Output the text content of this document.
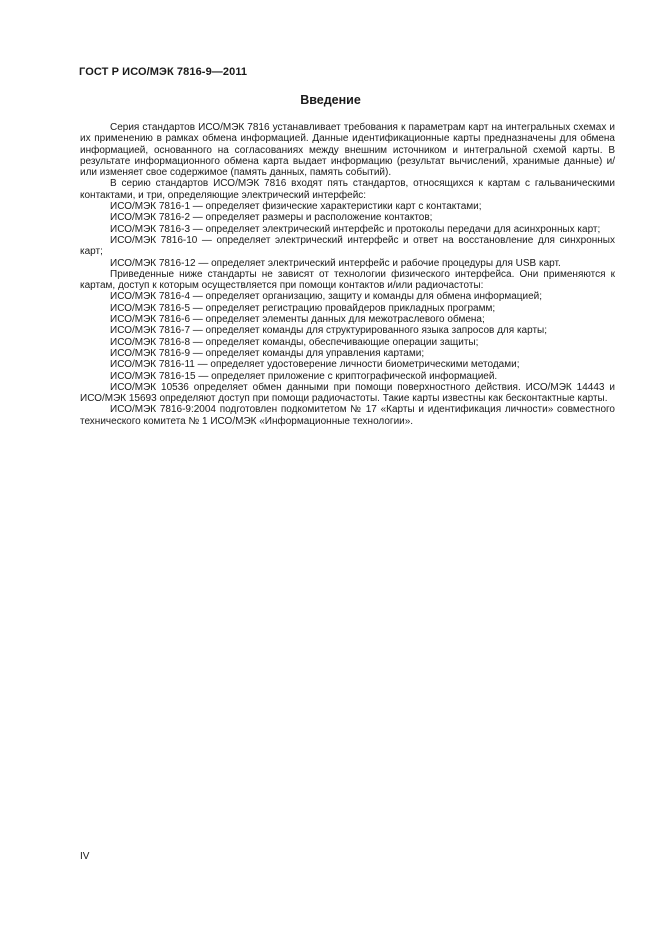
ГОСТ Р ИСО/МЭК 7816-9—2011
Введение

Серия стандартов ИСО/МЭК 7816 устанавливает требования к параметрам карт на интегральных схемах и их применению в рамках обмена информацией. Данные идентификационные карты предназначены для обмена информацией, основанного на согласованиях между внешним источником и интегральной схемой карты. В результате информационного обмена карта выдает информацию (результат вычислений, хранимые данные) и/или изменяет свое содержимое (память данных, память событий).

В серию стандартов ИСО/МЭК 7816 входят пять стандартов, относящихся к картам с гальваническими контактами, и три, определяющие электрический интерфейс:

ИСО/МЭК 7816-1 — определяет физические характеристики карт с контактами;

ИСО/МЭК 7816-2 — определяет размеры и расположение контактов;

ИСО/МЭК 7816-3 — определяет электрический интерфейс и протоколы передачи для асинхронных карт;

ИСО/МЭК 7816-10 — определяет электрический интерфейс и ответ на восстановление для синхронных карт;

ИСО/МЭК 7816-12 — определяет электрический интерфейс и рабочие процедуры для USB карт.

Приведенные ниже стандарты не зависят от технологии физического интерфейса. Они применяются к картам, доступ к которым осуществляется при помощи контактов и/или радиочастоты:

ИСО/МЭК 7816-4 — определяет организацию, защиту и команды для обмена информацией;

ИСО/МЭК 7816-5 — определяет регистрацию провайдеров прикладных программ;

ИСО/МЭК 7816-6 — определяет элементы данных для межотраслевого обмена;

ИСО/МЭК 7816-7 — определяет команды для структурированного языка запросов для карты;

ИСО/МЭК 7816-8 — определяет команды, обеспечивающие операции защиты;

ИСО/МЭК 7816-9 — определяет команды для управления картами;

ИСО/МЭК 7816-11 — определяет удостоверение личности биометрическими методами;

ИСО/МЭК 7816-15 — определяет приложение с криптографической информацией.

ИСО/МЭК 10536 определяет обмен данными при помощи поверхностного действия. ИСО/МЭК 14443 и ИСО/МЭК 15693 определяют доступ при помощи радиочастоты. Такие карты известны как бесконтактные карты.

ИСО/МЭК 7816-9:2004 подготовлен подкомитетом № 17 «Карты и идентификация личности» совместного технического комитета № 1 ИСО/МЭК «Информационные технологии».

IV
